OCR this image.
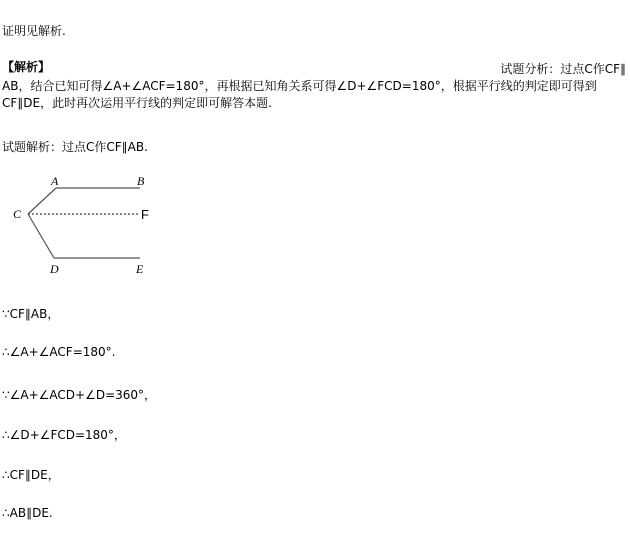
证明见解析.
【解析】	试题分析：过点C作CF∥
AB，结合已知可得∠A+∠ACF=180°，再根据已知角关系可得∠D+∠FCD=180°，根据平行线的判定即可得到CF∥DE，此时再次运用平行线的判定即可解答本题.
试题解析：过点C作CF∥AB.
A	B
C	F
D	E
∵CF∥AB，
∴∠A+∠ACF=180°.
∵∠A+∠ACD+∠D=360°，
∴∠D+∠FCD=180°，
∴CF∥DE，
∴AB∥DE.
